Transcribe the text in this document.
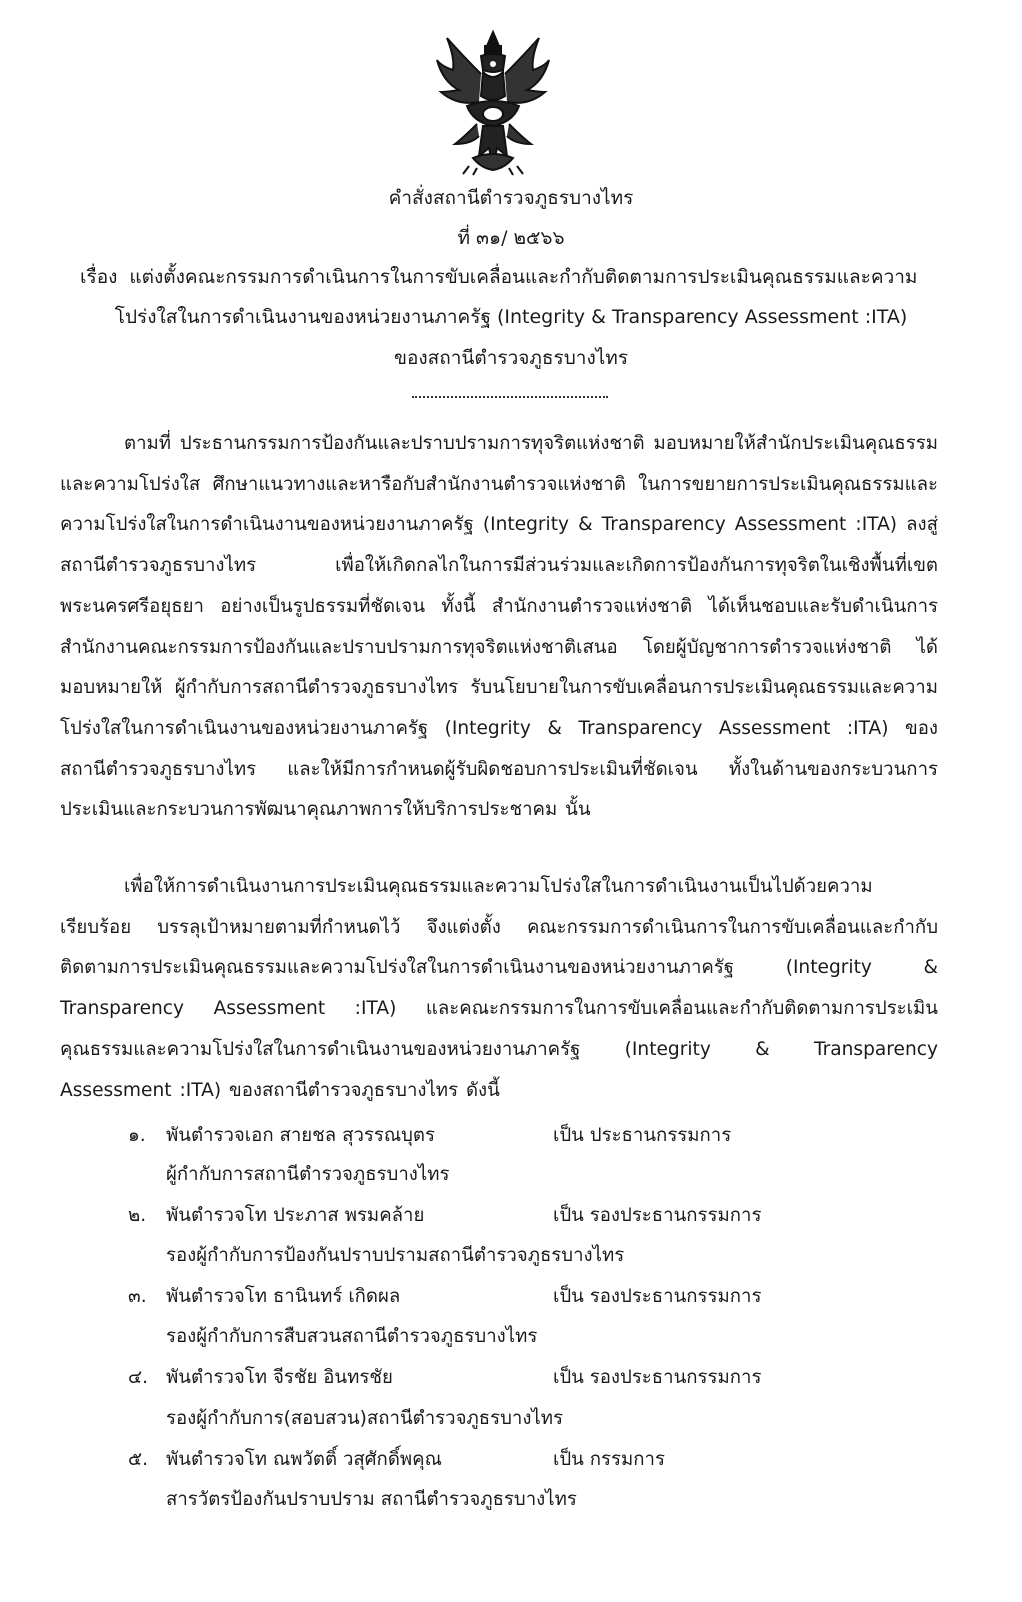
คำสั่งสถานีตำรวจภูธรบางไทร
ที่ ๓๑/ ๒๕๖๖
เรื่อง แต่งตั้งคณะกรรมการดำเนินการในการขับเคลื่อนและกำกับติดตามการประเมินคุณธรรมและความ
โปร่งใสในการดำเนินงานของหน่วยงานภาครัฐ (Integrity & Transparency Assessment :ITA)
ของสถานีตำรวจภูธรบางไทร

ตามที่ ประธานกรรมการป้องกันและปราบปรามการทุจริตแห่งชาติ มอบหมายให้สำนักประเมินคุณธรรมและความโปร่งใส ศึกษาแนวทางและหารือกับสำนักงานตำรวจแห่งชาติ ในการขยายการประเมินคุณธรรมและความโปร่งใสในการดำเนินงานของหน่วยงานภาครัฐ (Integrity & Transparency Assessment :ITA) ลงสู่ สถานีตำรวจภูธรบางไทร เพื่อให้เกิดกลไกในการมีส่วนร่วมและเกิดการป้องกันการทุจริตในเชิงพื้นที่เขตพระนครศรีอยุธยา อย่างเป็นรูปธรรมที่ชัดเจน ทั้งนี้ สำนักงานตำรวจแห่งชาติ ได้เห็นชอบและรับดำเนินการสำนักงานคณะกรรมการป้องกันและปราบปรามการทุจริตแห่งชาติเสนอ โดยผู้บัญชาการตำรวจแห่งชาติ ได้มอบหมายให้ ผู้กำกับการสถานีตำรวจภูธรบางไทร รับนโยบายในการขับเคลื่อนการประเมินคุณธรรมและความโปร่งใสในการดำเนินงานของหน่วยงานภาครัฐ (Integrity & Transparency Assessment :ITA) ของ สถานีตำรวจภูธรบางไทร และให้มีการกำหนดผู้รับผิดชอบการประเมินที่ชัดเจน ทั้งในด้านของกระบวนการประเมินและกระบวนการพัฒนาคุณภาพการให้บริการประชาคม นั้น

เพื่อให้การดำเนินงานการประเมินคุณธรรมและความโปร่งใสในการดำเนินงานเป็นไปด้วยความเรียบร้อย บรรลุเป้าหมายตามที่กำหนดไว้ จึงแต่งตั้ง คณะกรรมการดำเนินการในการขับเคลื่อนและกำกับติดตามการประเมินคุณธรรมและความโปร่งใสในการดำเนินงานของหน่วยงานภาครัฐ (Integrity & Transparency Assessment :ITA) และคณะกรรมการในการขับเคลื่อนและกำกับติดตามการประเมินคุณธรรมและความโปร่งใสในการดำเนินงานของหน่วยงานภาครัฐ (Integrity & Transparency Assessment :ITA) ของสถานีตำรวจภูธรบางไทร ดังนี้

๑. พันตำรวจเอก สายชล สุวรรณบุตร	เป็น ประธานกรรมการ
ผู้กำกับการสถานีตำรวจภูธรบางไทร
๒. พันตำรวจโท ประภาส พรมคล้าย	เป็น รองประธานกรรมการ
รองผู้กำกับการป้องกันปราบปรามสถานีตำรวจภูธรบางไทร
๓. พันตำรวจโท ธานินทร์ เกิดผล	เป็น รองประธานกรรมการ
รองผู้กำกับการสืบสวนสถานีตำรวจภูธรบางไทร
๔. พันตำรวจโท จีรชัย อินทรชัย	เป็น รองประธานกรรมการ
รองผู้กำกับการ(สอบสวน)สถานีตำรวจภูธรบางไทร
๕. พันตำรวจโท ณพวัตติ์ วสุศักดิ์พคุณ	เป็น กรรมการ
สารวัตรป้องกันปราบปราม สถานีตำรวจภูธรบางไทร
